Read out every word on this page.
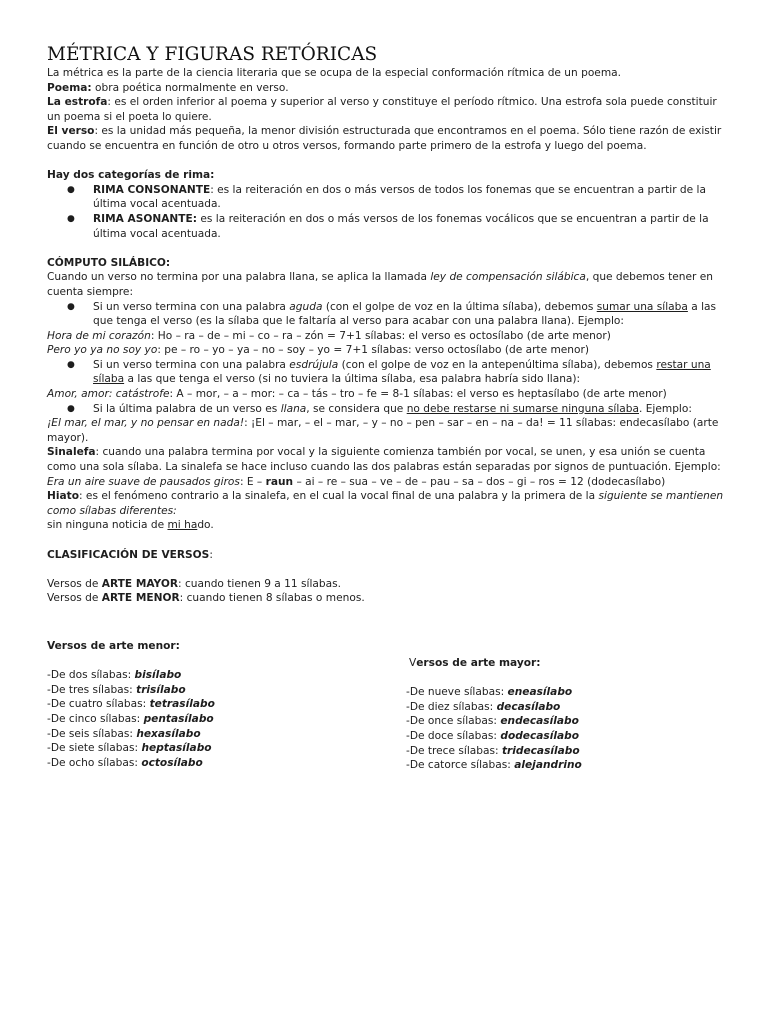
MÉTRICA Y FIGURAS RETÓRICAS

La métrica es la parte de la ciencia literaria que se ocupa de la especial conformación rítmica de un poema.

Poema: obra poética normalmente en verso.

La estrofa: es el orden inferior al poema y superior al verso y constituye el período rítmico. Una estrofa sola puede constituir un poema si el poeta lo quiere.

El verso: es la unidad más pequeña, la menor división estructurada que encontramos en el poema. Sólo tiene razón de existir cuando se encuentra en función de otro u otros versos, formando parte primero de la estrofa y luego del poema.

Hay dos categorías de rima:

● RIMA CONSONANTE: es la reiteración en dos o más versos de todos los fonemas que se encuentran a partir de la última vocal acentuada.

● RIMA ASONANTE: es la reiteración en dos o más versos de los fonemas vocálicos que se encuentran a partir de la última vocal acentuada.

CÓMPUTO SILÁBICO:

Cuando un verso no termina por una palabra llana, se aplica la llamada ley de compensación silábica, que debemos tener en cuenta siempre:

● Si un verso termina con una palabra aguda (con el golpe de voz en la última sílaba), debemos sumar una sílaba a las que tenga el verso (es la sílaba que le faltaría al verso para acabar con una palabra llana). Ejemplo:

Hora de mi corazón: Ho – ra – de – mi – co – ra – zón = 7+1 sílabas: el verso es octosílabo (de arte menor)

Pero yo ya no soy yo: pe – ro – yo – ya – no – soy – yo = 7+1 sílabas: verso octosílabo (de arte menor)

● Si un verso termina con una palabra esdrújula (con el golpe de voz en la antepenúltima sílaba), debemos restar una sílaba a las que tenga el verso (si no tuviera la última sílaba, esa palabra habría sido llana):

Amor, amor: catástrofe: A – mor, – a – mor: – ca – tás – tro – fe = 8-1 sílabas: el verso es heptasílabo (de arte menor)

● Si la última palabra de un verso es llana, se considera que no debe restarse ni sumarse ninguna sílaba. Ejemplo:

¡El mar, el mar, y no pensar en nada!: ¡El – mar, – el – mar, – y – no – pen – sar – en – na – da! = 11 sílabas: endecasílabo (arte mayor).

Sinalefa: cuando una palabra termina por vocal y la siguiente comienza también por vocal, se unen, y esa unión se cuenta como una sola sílaba. La sinalefa se hace incluso cuando las dos palabras están separadas por signos de puntuación. Ejemplo:

Era un aire suave de pausados giros: E – raun – ai – re – sua – ve – de – pau – sa – dos – gi – ros = 12 (dodecasílabo)

Hiato: es el fenómeno contrario a la sinalefa, en el cual la vocal final de una palabra y la primera de la siguiente se mantienen como sílabas diferentes:

sin ninguna noticia de mi hado.

CLASIFICACIÓN DE VERSOS:

Versos de ARTE MAYOR: cuando tienen 9 a 11 sílabas.

Versos de ARTE MENOR: cuando tienen 8 sílabas o menos.

Versos de arte menor:

-De dos sílabas: bisílabo

-De tres sílabas: trisílabo

-De cuatro sílabas: tetrasílabo

-De cinco sílabas: pentasílabo

-De seis sílabas: hexasílabo

-De siete sílabas: heptasílabo

-De ocho sílabas: octosílabo

Versos de arte mayor:

-De nueve sílabas: eneasílabo

-De diez sílabas: decasílabo

-De once sílabas: endecasílabo

-De doce sílabas: dodecasílabo

-De trece sílabas: tridecasílabo

-De catorce sílabas: alejandrino
